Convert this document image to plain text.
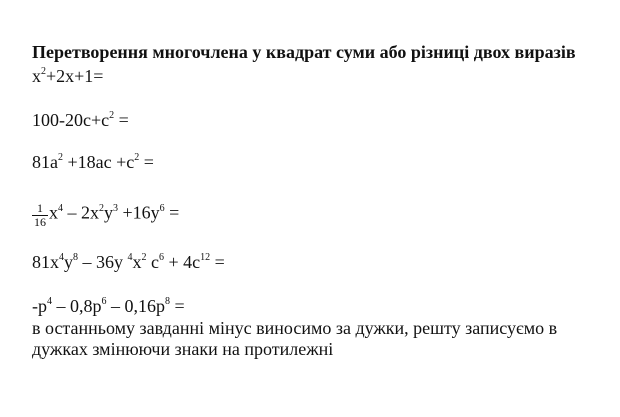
Перетворення многочлена у квадрат суми або різниці двох виразів
$x^2+2x+1=$
$100-20c+c^2$ =
$81a^2 +18ac +c^2$ =
$\frac{1}{16} x^4 - 2x^2y^3 +16y^6$ =
$81x^4y^8 - 36y$ $^4x^2$ $c^6 + 4c^{12}$ =
$-p^4 - 0,8p^6 - 0,16p^8$ =
в останньому завданні мінус виносимо за дужки, решту записуємо в
дужках змінюючи знаки на протилежні
